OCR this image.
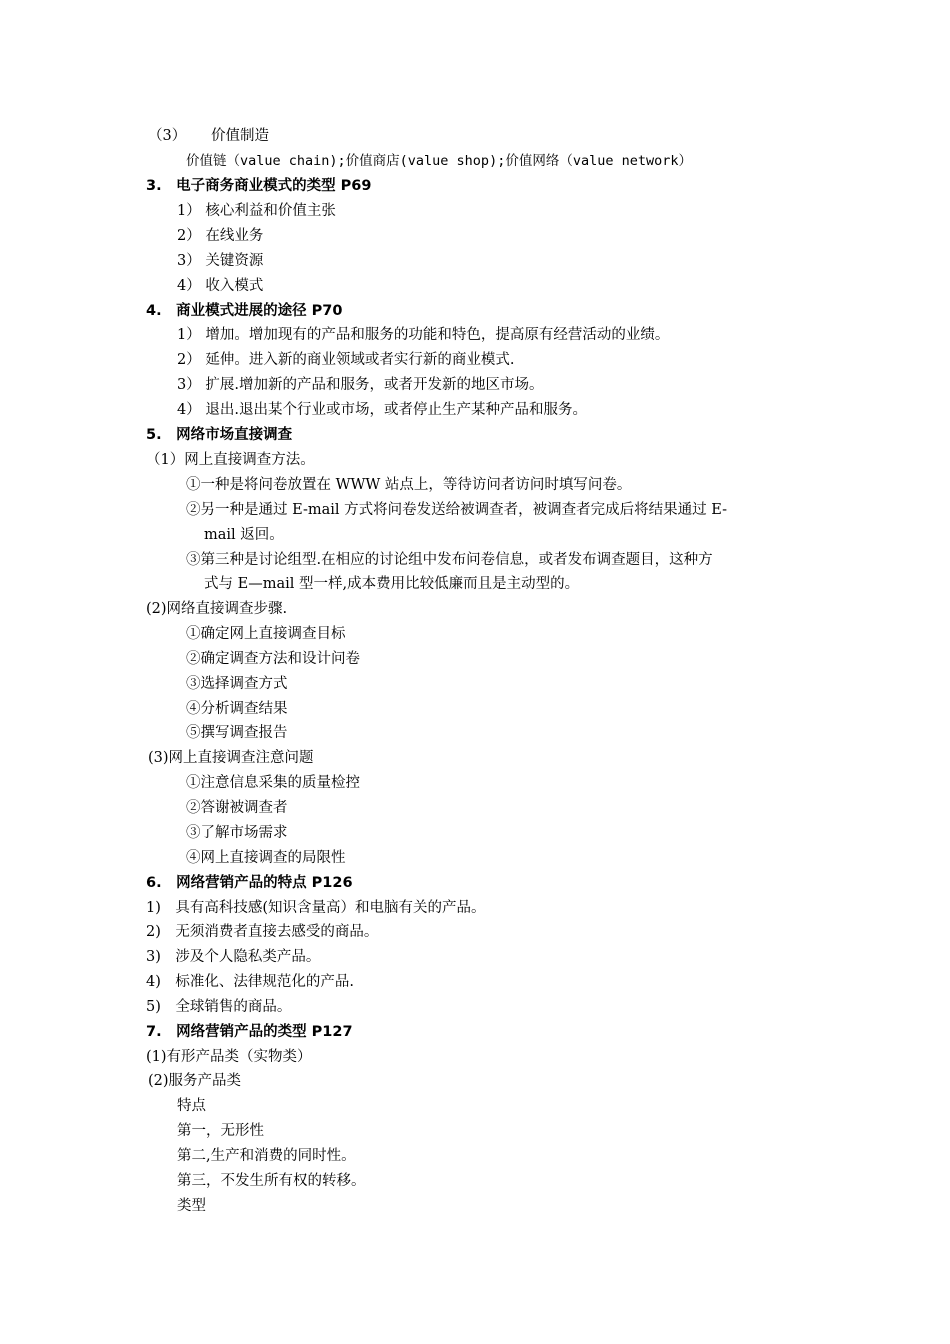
（3） 价值制造

价值链（value chain);价值商店(value shop);价值网络（value network）

3.　电子商务商业模式的类型 P69

1） 核心利益和价值主张

2） 在线业务

3） 关键资源

4） 收入模式

4.　商业模式进展的途径 P70

1） 增加。增加现有的产品和服务的功能和特色，提高原有经营活动的业绩。

2） 延伸。进入新的商业领域或者实行新的商业模式.

3） 扩展.增加新的产品和服务，或者开发新的地区市场。

4） 退出.退出某个行业或市场，或者停止生产某种产品和服务。

5.　网络市场直接调查

（1）网上直接调查方法。

①一种是将问卷放置在 WWW 站点上，等待访问者访问时填写问卷。

②另一种是通过 E-mail 方式将问卷发送给被调查者，被调查者完成后将结果通过 E-

mail 返回。

③第三种是讨论组型.在相应的讨论组中发布问卷信息，或者发布调查题目，这种方

式与 E—mail 型一样,成本费用比较低廉而且是主动型的。

(2)网络直接调查步骤.

①确定网上直接调查目标

②确定调查方法和设计问卷

③选择调查方式

④分析调查结果

⑤撰写调查报告

(3)网上直接调查注意问题

①注意信息采集的质量检控

②答谢被调查者

③了解市场需求

④网上直接调查的局限性

6.　网络营销产品的特点 P126

1)　具有高科技感(知识含量高）和电脑有关的产品。

2)　无须消费者直接去感受的商品。

3)　涉及个人隐私类产品。

4)　标准化、法律规范化的产品.

5)　全球销售的商品。

7.　网络营销产品的类型 P127

(1)有形产品类（实物类）

(2)服务产品类

特点

第一，无形性

第二,生产和消费的同时性。

第三，不发生所有权的转移。

类型
